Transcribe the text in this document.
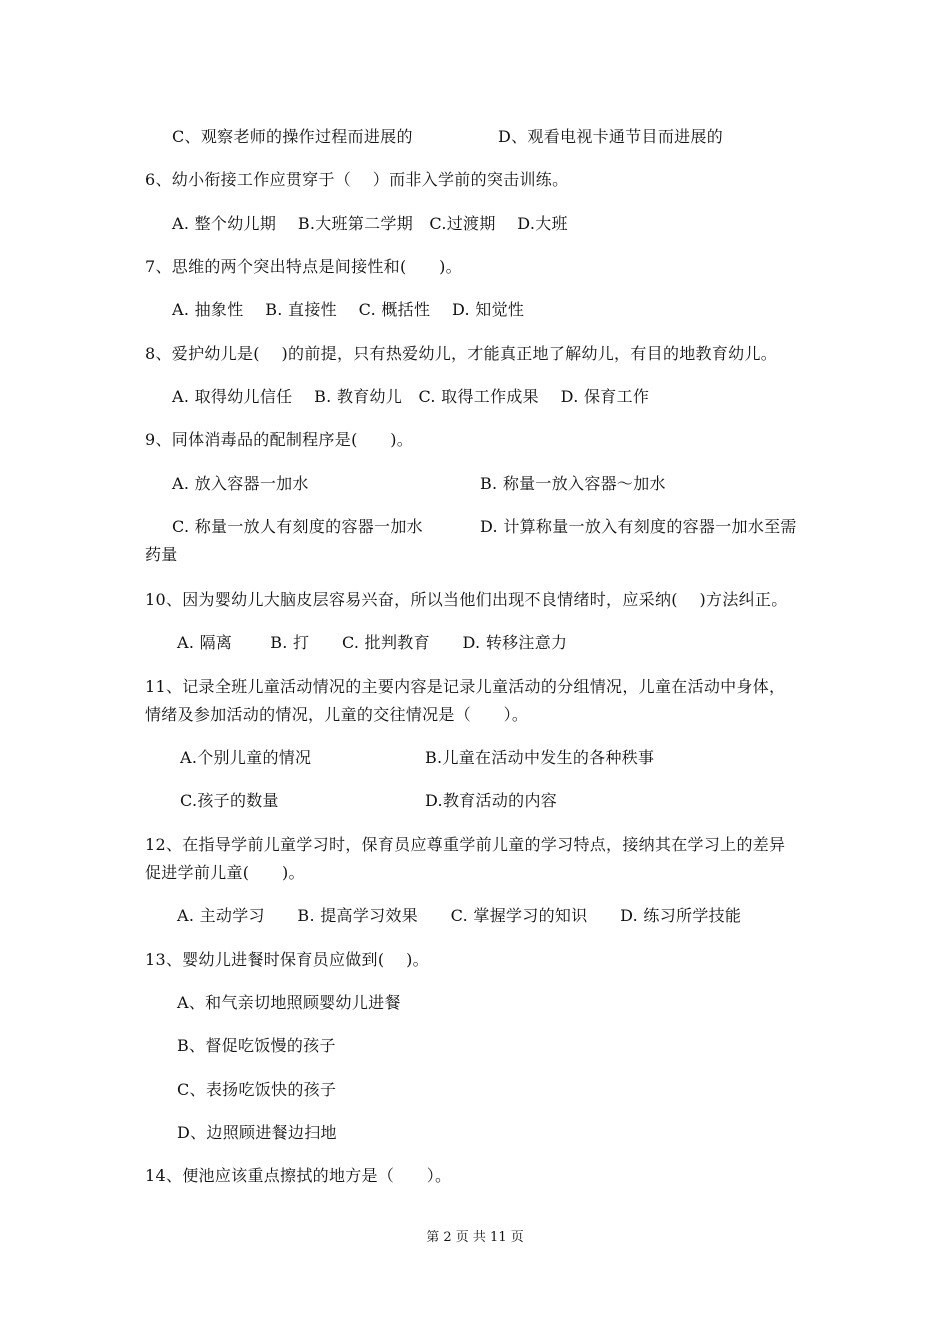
C、观察老师的操作过程而进展的	D、观看电视卡通节目而进展的
6、幼小衔接工作应贯穿于（　 ）而非入学前的突击训练。
A. 整个幼儿期　 B.大班第二学期　C.过渡期　 D.大班
7、思维的两个突出特点是间接性和(　　)。
A. 抽象性　 B. 直接性　 C. 概括性　 D. 知觉性
8、爱护幼儿是(　 )的前提，只有热爱幼儿，才能真正地了解幼儿，有目的地教育幼儿。
A. 取得幼儿信任　 B. 教育幼儿　C. 取得工作成果　 D. 保育工作
9、同体消毒品的配制程序是(　　)。
A. 放入容器一加水	B. 称量一放入容器～加水
C. 称量一放人有刻度的容器一加水	D. 计算称量一放入有刻度的容器一加水至需
药量
10、因为婴幼儿大脑皮层容易兴奋，所以当他们出现不良情绪时，应采纳(　 )方法纠正。
A. 隔离　　 B. 打　　C. 批判教育　　D. 转移注意力
11、记录全班儿童活动情况的主要内容是记录儿童活动的分组情况，儿童在活动中身体，
情绪及参加活动的情况，儿童的交往情况是（　　）。
A.个别儿童的情况	B.儿童在活动中发生的各种秩事
C.孩子的数量	D.教育活动的内容
12、在指导学前儿童学习时，保育员应尊重学前儿童的学习特点，接纳其在学习上的差异
促进学前儿童(　　)。
A. 主动学习　　B. 提高学习效果　　C. 掌握学习的知识　　D. 练习所学技能
13、婴幼儿进餐时保育员应做到(　 )。
A、和气亲切地照顾婴幼儿进餐
B、督促吃饭慢的孩子
C、表扬吃饭快的孩子
D、边照顾进餐边扫地
14、便池应该重点擦拭的地方是（　　）。
第 2 页 共 11 页
